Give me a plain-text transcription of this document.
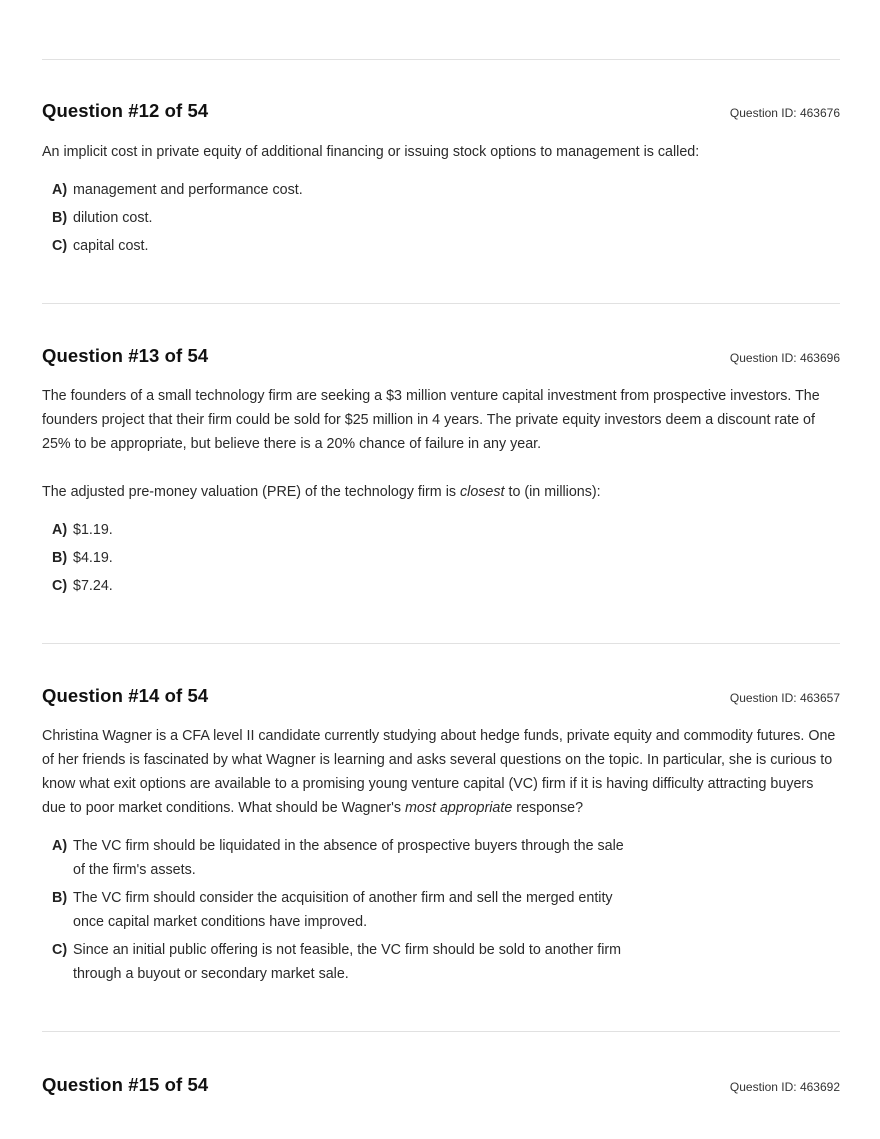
Question #12 of 54	Question ID: 463676

An implicit cost in private equity of additional financing or issuing stock options to management is called:

A) management and performance cost.
B) dilution cost.
C) capital cost.
Question #13 of 54	Question ID: 463696

The founders of a small technology firm are seeking a $3 million venture capital investment from prospective investors. The founders project that their firm could be sold for $25 million in 4 years. The private equity investors deem a discount rate of 25% to be appropriate, but believe there is a 20% chance of failure in any year.

The adjusted pre-money valuation (PRE) of the technology firm is closest to (in millions):

A) $1.19.
B) $4.19.
C) $7.24.
Question #14 of 54	Question ID: 463657

Christina Wagner is a CFA level II candidate currently studying about hedge funds, private equity and commodity futures. One of her friends is fascinated by what Wagner is learning and asks several questions on the topic. In particular, she is curious to know what exit options are available to a promising young venture capital (VC) firm if it is having difficulty attracting buyers due to poor market conditions. What should be Wagner's most appropriate response?

A) The VC firm should be liquidated in the absence of prospective buyers through the sale of the firm's assets.
B) The VC firm should consider the acquisition of another firm and sell the merged entity once capital market conditions have improved.
C) Since an initial public offering is not feasible, the VC firm should be sold to another firm through a buyout or secondary market sale.
Question #15 of 54	Question ID: 463692
